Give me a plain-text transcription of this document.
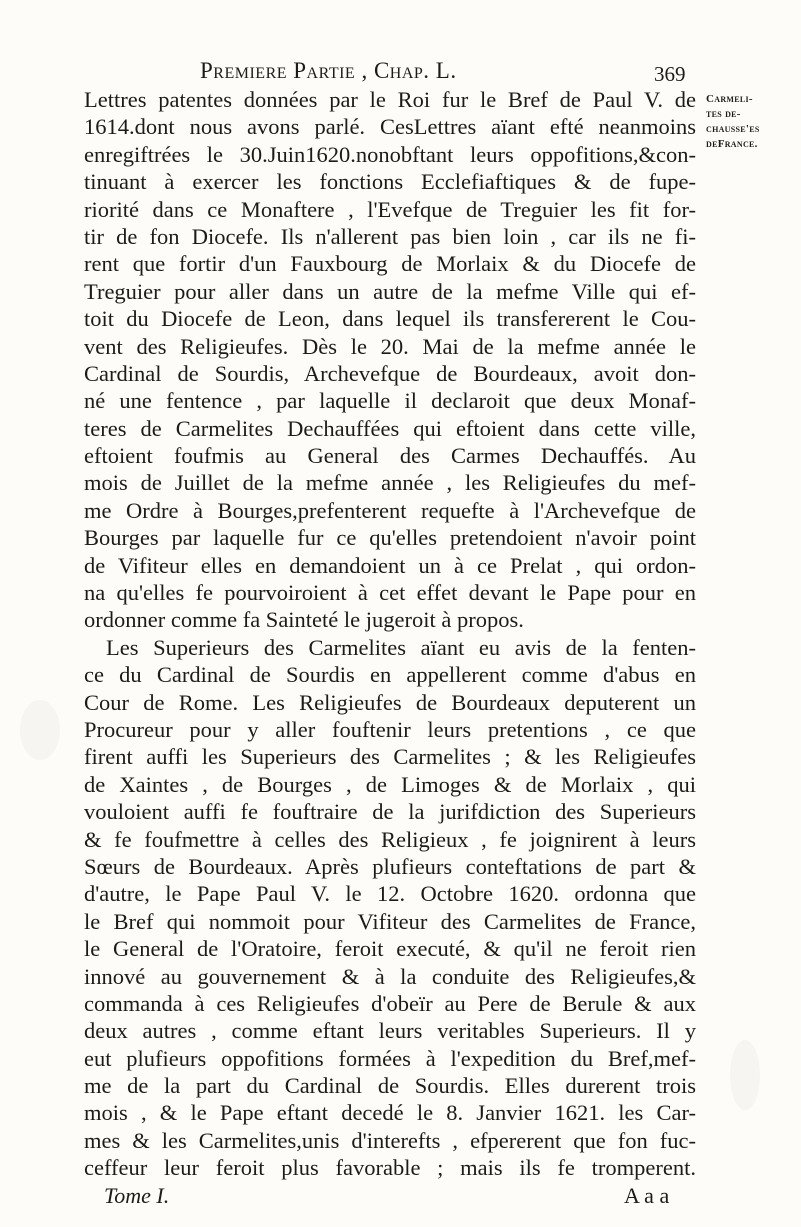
Premiere Partie , Chap. L.	369
Carmeli-
tes de-
chausse'es
deFrance.
Lettres patentes données par le Roi fur le Bref de Paul V. de
1614.dont nous avons parlé. CesLettres aïant efté neanmoins
enregiftrées le 30.Juin1620.nonobftant leurs oppofitions,&con-
tinuant à exercer les fonctions Ecclefiaftiques & de fupe-
riorité dans ce Monaftere , l'Evefque de Treguier les fit for-
tir de fon Diocefe. Ils n'allerent pas bien loin , car ils ne fi-
rent que fortir d'un Fauxbourg de Morlaix & du Diocefe de
Treguier pour aller dans un autre de la mefme Ville qui ef-
toit du Diocefe de Leon, dans lequel ils transfererent le Cou-
vent des Religieufes. Dès le 20. Mai de la mefme année le
Cardinal de Sourdis, Archevefque de Bourdeaux, avoit don-
né une fentence , par laquelle il declaroit que deux Monaf-
teres de Carmelites Dechauffées qui eftoient dans cette ville,
eftoient foufmis au General des Carmes Dechauffés. Au
mois de Juillet de la mefme année , les Religieufes du mef-
me Ordre à Bourges,prefenterent requefte à l'Archevefque de
Bourges par laquelle fur ce qu'elles pretendoient n'avoir point
de Vifiteur elles en demandoient un à ce Prelat , qui ordon-
na qu'elles fe pourvoiroient à cet effet devant le Pape pour en
ordonner comme fa Sainteté le jugeroit à propos.
Les Superieurs des Carmelites aïant eu avis de la fenten-
ce du Cardinal de Sourdis en appellerent comme d'abus en
Cour de Rome. Les Religieufes de Bourdeaux deputerent un
Procureur pour y aller fouftenir leurs pretentions , ce que
firent auffi les Superieurs des Carmelites ; & les Religieufes
de Xaintes , de Bourges , de Limoges & de Morlaix , qui
vouloient auffi fe fouftraire de la jurifdiction des Superieurs
& fe foufmettre à celles des Religieux , fe joignirent à leurs
Sœurs de Bourdeaux. Après plufieurs conteftations de part &
d'autre, le Pape Paul V. le 12. Octobre 1620. ordonna que
le Bref qui nommoit pour Vifiteur des Carmelites de France,
le General de l'Oratoire, feroit executé, & qu'il ne feroit rien
innové au gouvernement & à la conduite des Religieufes,&
commanda à ces Religieufes d'obeïr au Pere de Berule & aux
deux autres , comme eftant leurs veritables Superieurs. Il y
eut plufieurs oppofitions formées à l'expedition du Bref,mef-
me de la part du Cardinal de Sourdis. Elles durerent trois
mois , & le Pape eftant decedé le 8. Janvier 1621. les Car-
mes & les Carmelites,unis d'interefts , efpererent que fon fuc-
ceffeur leur feroit plus favorable ; mais ils fe tromperent.
Tome I.	A a a
